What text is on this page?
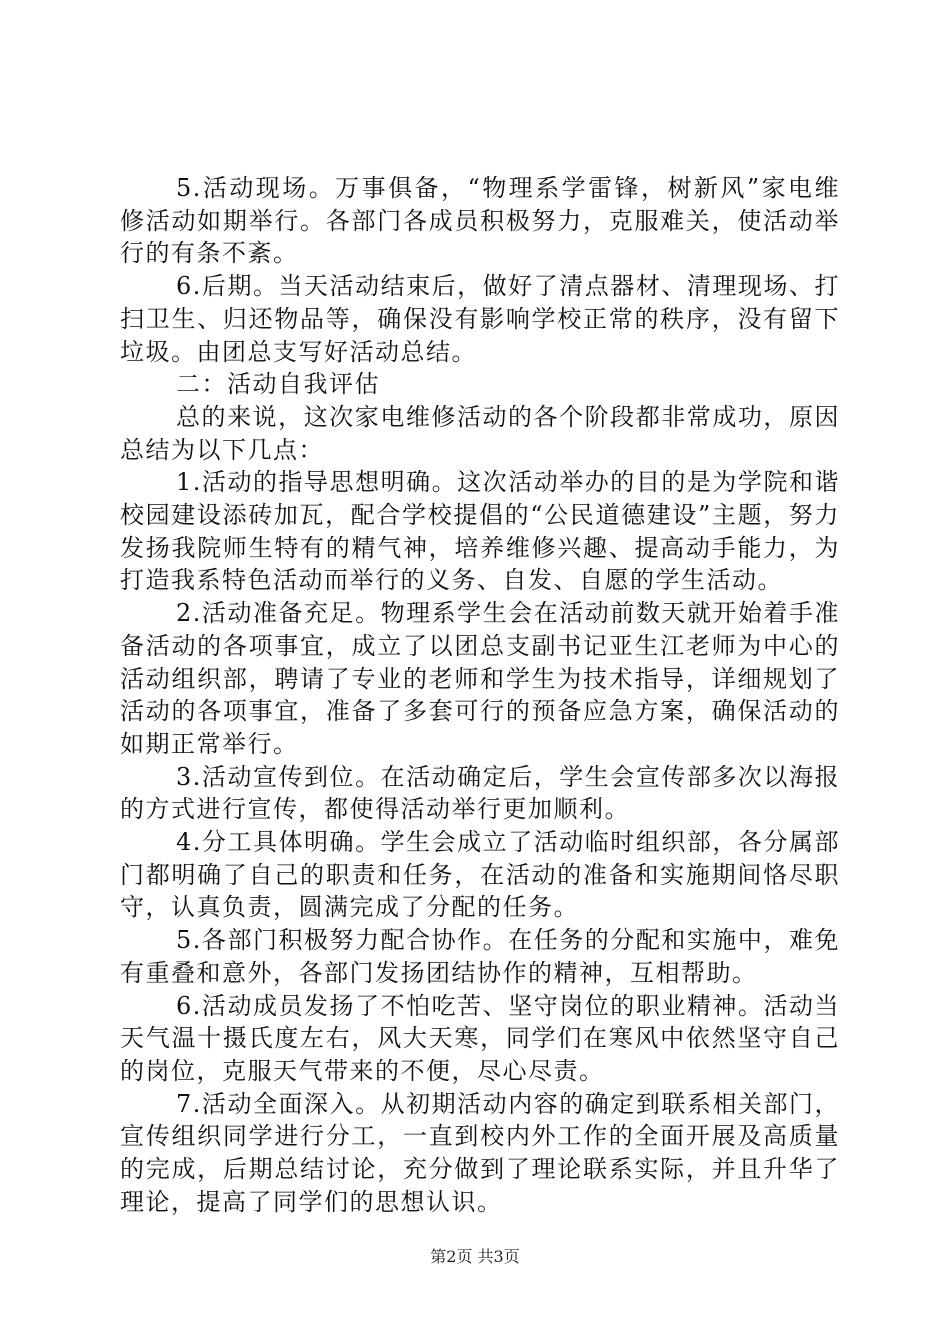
5.活动现场。万事俱备，“物理系学雷锋，树新风”家电维修活动如期举行。各部门各成员积极努力，克服难关，使活动举行的有条不紊。

6.后期。当天活动结束后，做好了清点器材、清理现场、打扫卫生、归还物品等，确保没有影响学校正常的秩序，没有留下垃圾。由团总支写好活动总结。

二：活动自我评估

总的来说，这次家电维修活动的各个阶段都非常成功，原因总结为以下几点：

1.活动的指导思想明确。这次活动举办的目的是为学院和谐校园建设添砖加瓦，配合学校提倡的“公民道德建设”主题，努力发扬我院师生特有的精气神，培养维修兴趣、提高动手能力，为打造我系特色活动而举行的义务、自发、自愿的学生活动。

2.活动准备充足。物理系学生会在活动前数天就开始着手准备活动的各项事宜，成立了以团总支副书记亚生江老师为中心的活动组织部，聘请了专业的老师和学生为技术指导，详细规划了活动的各项事宜，准备了多套可行的预备应急方案，确保活动的如期正常举行。

3.活动宣传到位。在活动确定后，学生会宣传部多次以海报的方式进行宣传，都使得活动举行更加顺利。

4.分工具体明确。学生会成立了活动临时组织部，各分属部门都明确了自己的职责和任务，在活动的准备和实施期间恪尽职守，认真负责，圆满完成了分配的任务。

5.各部门积极努力配合协作。在任务的分配和实施中，难免有重叠和意外，各部门发扬团结协作的精神，互相帮助。

6.活动成员发扬了不怕吃苦、坚守岗位的职业精神。活动当天气温十摄氏度左右，风大天寒，同学们在寒风中依然坚守自己的岗位，克服天气带来的不便，尽心尽责。

7.活动全面深入。从初期活动内容的确定到联系相关部门，宣传组织同学进行分工，一直到校内外工作的全面开展及高质量的完成，后期总结讨论，充分做到了理论联系实际，并且升华了理论，提高了同学们的思想认识。

第2页 共3页
